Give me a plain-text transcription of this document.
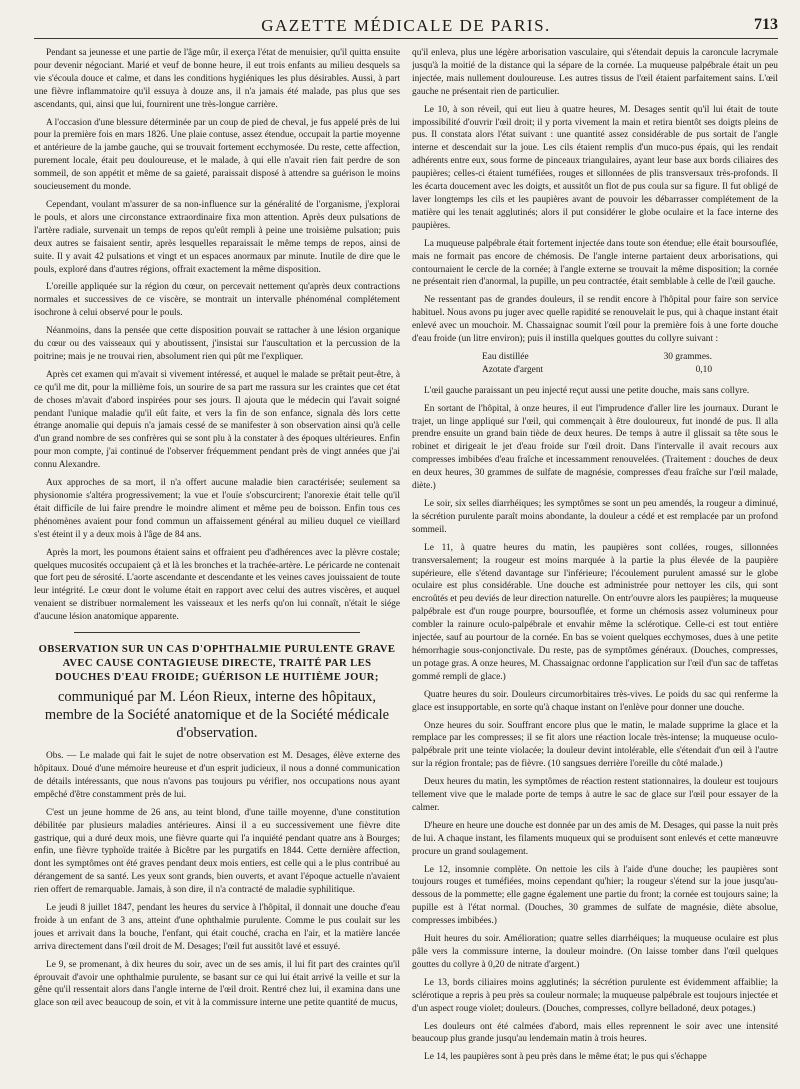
GAZETTE MÉDICALE DE PARIS.	713

Pendant sa jeunesse et une partie de l'âge mûr, il exerça l'état de menuisier, qu'il quitta ensuite pour devenir négociant. Marié et veuf de bonne heure, il eut trois enfants au milieu desquels sa vie s'écoula douce et calme, et dans les conditions hygiéniques les plus désirables. Aussi, à part une fièvre inflammatoire qu'il essuya à douze ans, il n'a jamais été malade, pas plus que ses ascendants, qui, ainsi que lui, fournirent une très-longue carrière.

A l'occasion d'une blessure déterminée par un coup de pied de cheval, je fus appelé près de lui pour la première fois en mars 1826. Une plaie contuse, assez étendue, occupait la partie moyenne et antérieure de la jambe gauche, qui se trouvait fortement ecchymosée. Du reste, cette affection, purement locale, était peu douloureuse, et le malade, à qui elle n'avait rien fait perdre de son sommeil, de son appétit et même de sa gaieté, paraissait disposé à attendre sa guérison le moins soucieusement du monde.

Cependant, voulant m'assurer de sa non-influence sur la généralité de l'organisme, j'explorai le pouls, et alors une circonstance extraordinaire fixa mon attention. Après deux pulsations de l'artère radiale, survenait un temps de repos qu'eût rempli à peine une troisième pulsation; puis deux autres se faisaient sentir, après lesquelles reparaissait le même temps de repos, ainsi de suite. Il y avait 42 pulsations et vingt et un espaces anormaux par minute. Inutile de dire que le pouls, exploré dans d'autres régions, offrait exactement la même disposition.

L'oreille appliquée sur la région du cœur, on percevait nettement qu'après deux contractions normales et successives de ce viscère, se montrait un intervalle phénoménal complétement isochrone à celui observé pour le pouls.

Néanmoins, dans la pensée que cette disposition pouvait se rattacher à une lésion organique du cœur ou des vaisseaux qui y aboutissent, j'insistai sur l'auscultation et la percussion de la poitrine; mais je ne trouvai rien, absolument rien qui pût me l'expliquer.

Après cet examen qui m'avait si vivement intéressé, et auquel le malade se prêtait peut-être, à ce qu'il me dit, pour la millième fois, un sourire de sa part me rassura sur les craintes que cet état de choses m'avait d'abord inspirées pour ses jours. Il ajouta que le médecin qui l'avait soigné pendant l'unique maladie qu'il eût faite, et vers la fin de son enfance, signala dès lors cette étrange anomalie qui depuis n'a jamais cessé de se manifester à son observation ainsi qu'à celle d'un grand nombre de ses confrères qui se sont plu à la constater à des époques ultérieures. Enfin pour mon compte, j'ai continué de l'observer fréquemment pendant près de vingt années que j'ai connu Alexandre.

Aux approches de sa mort, il n'a offert aucune maladie bien caractérisée; seulement sa physionomie s'altéra progressivement; la vue et l'ouïe s'obscurcirent; l'anorexie était telle qu'il était difficile de lui faire prendre le moindre aliment et même peu de boisson. Enfin tous ces phénomènes avaient pour fond commun un affaissement général au milieu duquel ce vieillard s'est éteint il y a deux mois à l'âge de 84 ans.

Après la mort, les poumons étaient sains et offraient peu d'adhérences avec la plèvre costale; quelques mucosités occupaient çà et là les bronches et la trachée-artère. Le péricarde ne contenait que fort peu de sérosité. L'aorte ascendante et descendante et les veines caves jouissaient de toute leur intégrité. Le cœur dont le volume était en rapport avec celui des autres viscères, et auquel venaient se distribuer normalement les vaisseaux et les nerfs qu'on lui connaît, n'était le siége d'aucune lésion anatomique apparente.

OBSERVATION SUR UN CAS D'OPHTHALMIE PURULENTE GRAVE AVEC CAUSE CONTAGIEUSE DIRECTE, TRAITÉ PAR LES DOUCHES D'EAU FROIDE; GUÉRISON LE HUITIÈME JOUR;
communiqué par M. Léon Rieux, interne des hôpitaux, membre de la Société anatomique et de la Société médicale d'observation.

Obs. — Le malade qui fait le sujet de notre observation est M. Desages, élève externe des hôpitaux. Doué d'une mémoire heureuse et d'un esprit judicieux, il nous a donné communication de détails intéressants, que nous n'avons pas toujours pu vérifier, nos occupations nous ayant empêché d'être constamment près de lui.

C'est un jeune homme de 26 ans, au teint blond, d'une taille moyenne, d'une constitution débilitée par plusieurs maladies antérieures. Ainsi il a eu successivement une fièvre dite gastrique, qui a duré deux mois, une fièvre quarte qui l'a inquiété pendant quatre ans à Bourges; enfin, une fièvre typhoïde traitée à Bicêtre par les purgatifs en 1844. Cette dernière affection, dont les symptômes ont été graves pendant deux mois entiers, est celle qui a le plus contribué au dérangement de sa santé. Les yeux sont grands, bien ouverts, et avant l'époque actuelle n'avaient rien offert de remarquable. Jamais, à son dire, il n'a contracté de maladie syphilitique.

Le jeudi 8 juillet 1847, pendant les heures du service à l'hôpital, il donnait une douche d'eau froide à un enfant de 3 ans, atteint d'une ophthalmie purulente. Comme le pus coulait sur les joues et arrivait dans la bouche, l'enfant, qui était couché, cracha en l'air, et la matière lancée arriva directement dans l'œil droit de M. Desages; l'œil fut aussitôt lavé et essuyé.

Le 9, se promenant, à dix heures du soir, avec un de ses amis, il lui fit part des craintes qu'il éprouvait d'avoir une ophthalmie purulente, se basant sur ce qui lui était arrivé la veille et sur la gêne qu'il ressentait alors dans l'angle interne de l'œil droit. Rentré chez lui, il examina dans une glace son œil avec beaucoup de soin, et vit à la commissure interne une petite quantité de mucus,

qu'il enleva, plus une légère arborisation vasculaire, qui s'étendait depuis la caroncule lacrymale jusqu'à la moitié de la distance qui la sépare de la cornée. La muqueuse palpébrale était un peu injectée, mais nullement douloureuse. Les autres tissus de l'œil étaient parfaitement sains. L'œil gauche ne présentait rien de particulier.

Le 10, à son réveil, qui eut lieu à quatre heures, M. Desages sentit qu'il lui était de toute impossibilité d'ouvrir l'œil droit; il y porta vivement la main et retira bientôt ses doigts pleins de pus. Il constata alors l'état suivant : une quantité assez considérable de pus sortait de l'angle interne et descendait sur la joue. Les cils étaient remplis d'un muco-pus épais, qui les rendait adhérents entre eux, sous forme de pinceaux triangulaires, ayant leur base aux bords ciliaires des paupières; celles-ci étaient tuméfiées, rouges et sillonnées de plis transversaux très-profonds. Il les écarta doucement avec les doigts, et aussitôt un flot de pus coula sur sa figure. Il fut obligé de laver longtemps les cils et les paupières avant de pouvoir les débarrasser complétement de la matière qui les tenait agglutinés; alors il put considérer le globe oculaire et la face interne des paupières.

La muqueuse palpébrale était fortement injectée dans toute son étendue; elle était boursouflée, mais ne formait pas encore de chémosis. De l'angle interne partaient deux arborisations, qui contournaient le cercle de la cornée; à l'angle externe se trouvait la même disposition; la cornée ne présentait rien d'anormal, la pupille, un peu contractée, était semblable à celle de l'œil gauche.

Ne ressentant pas de grandes douleurs, il se rendit encore à l'hôpital pour faire son service habituel. Nous avons pu juger avec quelle rapidité se renouvelait le pus, qui à chaque instant était enlevé avec un mouchoir. M. Chassaignac soumit l'œil pour la première fois à une forte douche d'eau froide (un litre environ); puis il instilla quelques gouttes du collyre suivant :

Eau distillée	30 grammes.
Azotate d'argent	0,10

L'œil gauche paraissant un peu injecté reçut aussi une petite douche, mais sans collyre.

En sortant de l'hôpital, à onze heures, il eut l'imprudence d'aller lire les journaux. Durant le trajet, un linge appliqué sur l'œil, qui commençait à être douloureux, fut inondé de pus. Il alla prendre ensuite un grand bain tiède de deux heures. De temps à autre il glissait sa tête sous le robinet et dirigeait le jet d'eau froide sur l'œil droit. Dans l'intervalle il avait recours aux compresses imbibées d'eau fraîche et incessamment renouvelées. (Traitement : douches de deux en deux heures, 30 grammes de sulfate de magnésie, compresses d'eau fraîche sur l'œil malade, diète.)

Le soir, six selles diarrhéiques; les symptômes se sont un peu amendés, la rougeur a diminué, la sécrétion purulente paraît moins abondante, la douleur a cédé et est remplacée par un profond sommeil.

Le 11, à quatre heures du matin, les paupières sont collées, rouges, sillonnées transversalement; la rougeur est moins marquée à la partie la plus élevée de la paupière supérieure, elle s'étend davantage sur l'inférieure; l'écoulement purulent amassé sur le globe oculaire est plus considérable. Une douche est administrée pour nettoyer les cils, qui sont encroûtés et peu deviés de leur direction naturelle. On entr'ouvre alors les paupières; la muqueuse palpébrale est d'un rouge pourpre, boursouflée, et forme un chémosis assez volumineux pour combler la rainure oculo-palpébrale et envahir même la sclérotique. Celle-ci est tout entière injectée, sauf au pourtour de la cornée. En bas se voient quelques ecchymoses, dues à une petite hémorrhagie sous-conjonctivale. Du reste, pas de symptômes généraux. (Douches, compresses, un potage gras. A onze heures, M. Chassaignac ordonne l'application sur l'œil d'un sac de taffetas gommé rempli de glace.)

Quatre heures du soir. Douleurs circumorbitaires très-vives. Le poids du sac qui renferme la glace est insupportable, en sorte qu'à chaque instant on l'enlève pour donner une douche.

Onze heures du soir. Souffrant encore plus que le matin, le malade supprime la glace et la remplace par les compresses; il se fit alors une réaction locale très-intense; la muqueuse oculo-palpébrale prit une teinte violacée; la douleur devint intolérable, elle s'étendait d'un œil à l'autre sur la région frontale; pas de fièvre. (10 sangsues derrière l'oreille du côté malade.)

Deux heures du matin, les symptômes de réaction restent stationnaires, la douleur est toujours tellement vive que le malade porte de temps à autre le sac de glace sur l'œil pour essayer de la calmer.

D'heure en heure une douche est donnée par un des amis de M. Desages, qui passe la nuit près de lui. A chaque instant, les filaments muqueux qui se produisent sont enlevés et cette manœuvre procure un grand soulagement.

Le 12, insomnie complète. On nettoie les cils à l'aide d'une douche; les paupières sont toujours rouges et tuméfiées, moins cependant qu'hier; la rougeur s'étend sur la joue jusqu'au-dessous de la pommette; elle gagne également une partie du front; la cornée est toujours saine; la pupille est à l'état normal. (Douches, 30 grammes de sulfate de magnésie, diète absolue, compresses imbibées.)

Huit heures du soir. Amélioration; quatre selles diarrhéiques; la muqueuse oculaire est plus pâle vers la commissure interne, la douleur moindre. (On laisse tomber dans l'œil quelques gouttes du collyre à 0,20 de nitrate d'argent.)

Le 13, bords ciliaires moins agglutinés; la sécrétion purulente est évidemment affaiblie; la sclérotique a repris à peu près sa couleur normale; la muqueuse palpébrale est toujours injectée et d'un aspect rouge violet; douleurs. (Douches, compresses, collyre belladoné, deux potages.)

Les douleurs ont été calmées d'abord, mais elles reprennent le soir avec une intensité beaucoup plus grande jusqu'au lendemain matin à trois heures.

Le 14, les paupières sont à peu près dans le même état; le pus qui s'échappe
